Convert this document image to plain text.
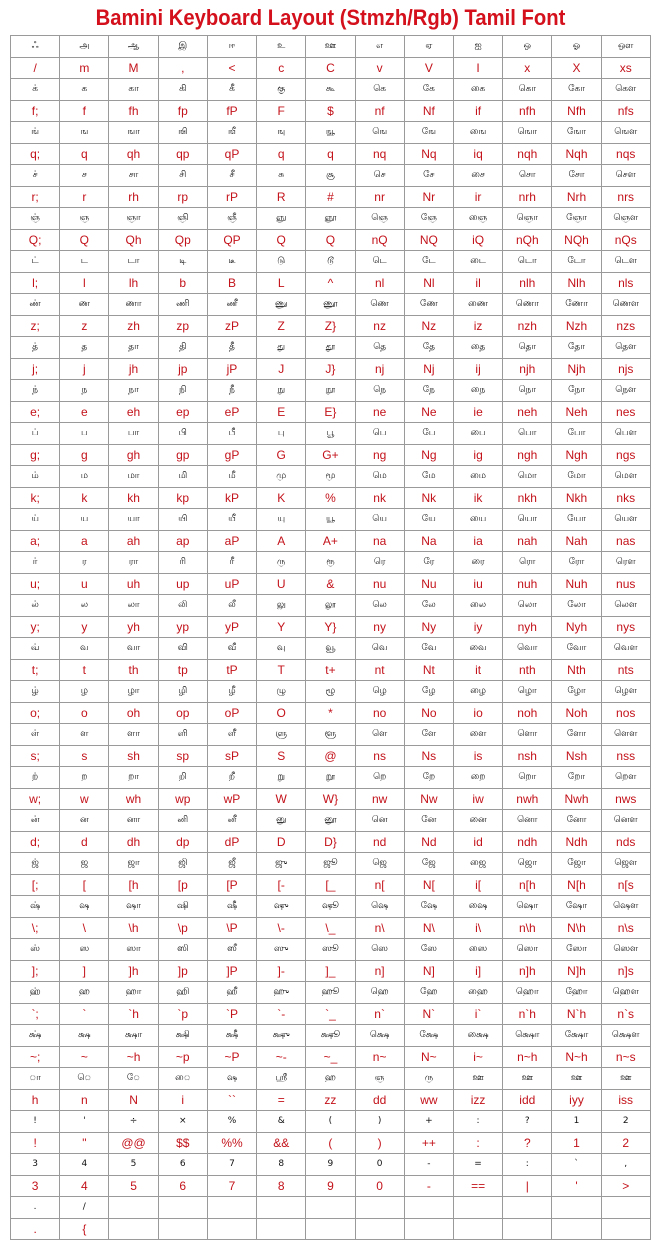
Bamini Keyboard Layout (Stmzh/Rgb) Tamil Font
ஃ	அ	ஆ	இ	ஈ	உ	ஊ	எ	ஏ	ஐ	ஒ	ஓ	ஔ
/	m	M	,	<	c	C	v	V	I	x	X	xs
க்	க	கா	கி	கீ	கு	கூ	கெ	கே	கை	கொ	கோ	கௌ
f;	f	fh	fp	fP	F	$	nf	Nf	if	nfh	Nfh	nfs
ங்	ங	ஙா	ஙி	ஙீ	ஙு	ஙூ	ஙெ	ஙே	ஙை	ஙொ	ஙோ	ஙௌ
q;	q	qh	qp	qP	q	q	nq	Nq	iq	nqh	Nqh	nqs
ச்	ச	சா	சி	சீ	சு	சூ	செ	சே	சை	சொ	சோ	சௌ
r;	r	rh	rp	rP	R	#	nr	Nr	ir	nrh	Nrh	nrs
ஞ்	ஞ	ஞா	ஞி	ஞீ	ஞு	ஞூ	ஞெ	ஞே	ஞை	ஞொ	ஞோ	ஞௌ
Q;	Q	Qh	Qp	QP	Q	Q	nQ	NQ	iQ	nQh	NQh	nQs
ட்	ட	டா	டி	டீ	டு	டூ	டெ	டே	டை	டொ	டோ	டௌ
l;	l	lh	b	B	L	^	nl	Nl	il	nlh	Nlh	nls
ண்	ண	ணா	ணி	ணீ	ணு	ணூ	ணெ	ணே	ணை	ணொ	ணோ	ணௌ
z;	z	zh	zp	zP	Z	Z}	nz	Nz	iz	nzh	Nzh	nzs
த்	த	தா	தி	தீ	து	தூ	தெ	தே	தை	தொ	தோ	தௌ
j;	j	jh	jp	jP	J	J}	nj	Nj	ij	njh	Njh	njs
ந்	ந	நா	நி	நீ	நு	நூ	நெ	நே	நை	நொ	நோ	நௌ
e;	e	eh	ep	eP	E	E}	ne	Ne	ie	neh	Neh	nes
ப்	ப	பா	பி	பீ	பு	பூ	பெ	பே	பை	பொ	போ	பௌ
g;	g	gh	gp	gP	G	G+	ng	Ng	ig	ngh	Ngh	ngs
ம்	ம	மா	மி	மீ	மு	மூ	மெ	மே	மை	மொ	மோ	மௌ
k;	k	kh	kp	kP	K	%	nk	Nk	ik	nkh	Nkh	nks
ய்	ய	யா	யி	யீ	யு	யூ	யெ	யே	யை	யொ	யோ	யௌ
a;	a	ah	ap	aP	A	A+	na	Na	ia	nah	Nah	nas
ர்	ர	ரா	ரி	ரீ	ரு	ரூ	ரெ	ரே	ரை	ரொ	ரோ	ரௌ
u;	u	uh	up	uP	U	&	nu	Nu	iu	nuh	Nuh	nus
ல்	ல	லா	லி	லீ	லு	லூ	லெ	லே	லை	லொ	லோ	லௌ
y;	y	yh	yp	yP	Y	Y}	ny	Ny	iy	nyh	Nyh	nys
வ்	வ	வா	வி	வீ	வு	வூ	வெ	வே	வை	வொ	வோ	வௌ
t;	t	th	tp	tP	T	t+	nt	Nt	it	nth	Nth	nts
ழ்	ழ	ழா	ழி	ழீ	ழு	ழூ	ழெ	ழே	ழை	ழொ	ழோ	ழௌ
o;	o	oh	op	oP	O	*	no	No	io	noh	Noh	nos
ள்	ள	ளா	ளி	ளீ	ளு	ளூ	ளெ	ளே	ளை	ளொ	ளோ	ளௌ
s;	s	sh	sp	sP	S	@	ns	Ns	is	nsh	Nsh	nss
ற்	ற	றா	றி	றீ	று	றூ	றெ	றே	றை	றொ	றோ	றௌ
w;	w	wh	wp	wP	W	W}	nw	Nw	iw	nwh	Nwh	nws
ன்	ன	னா	னி	னீ	னு	னூ	னெ	னே	னை	னொ	னோ	னௌ
d;	d	dh	dp	dP	D	D}	nd	Nd	id	ndh	Ndh	nds
ஜ்	ஜ	ஜா	ஜி	ஜீ	ஜு	ஜூ	ஜெ	ஜே	ஜை	ஜொ	ஜோ	ஜௌ
[;	[	[h	[p	[P	[-	[_	n[	N[	i[	n[h	N[h	n[s
ஷ்	ஷ	ஷா	ஷி	ஷீ	ஷு	ஷூ	ஷெ	ஷே	ஷை	ஷொ	ஷோ	ஷௌ
\;	\	\h	\p	\P	\-	\_	n\	N\	i\	n\h	N\h	n\s
ஸ்	ஸ	ஸா	ஸி	ஸீ	ஸு	ஸூ	ஸெ	ஸே	ஸை	ஸொ	ஸோ	ஸௌ
];	]	]h	]p	]P	]-	]_	n]	N]	i]	n]h	N]h	n]s
ஹ்	ஹ	ஹா	ஹி	ஹீ	ஹு	ஹூ	ஹெ	ஹே	ஹை	ஹொ	ஹோ	ஹௌ
`;	`	`h	`p	`P	`-	`_	n`	N`	i`	n`h	N`h	n`s
க்ஷ்	க்ஷ	க்ஷா	க்ஷி	க்ஷீ	க்ஷு	க்ஷூ	க்ஷெ	க்ஷே	க்ஷை	க்ஷொ	க்ஷோ	க்ஷௌ
~;	~	~h	~p	~P	~-	~_	n~	N~	i~	n~h	N~h	n~s
ா	ெ	ே	ை	ஷ	ஸ்ரீ	ஹ	ஞ	ரு	ஊ	ஊ	ஊ	ஊ
h	n	N	i	``	=	zz	dd	ww	izz	idd	iyy	iss
!	'	÷	×	%	&	(	)	+	:	?	1	2
!	"	@@	$$	%%	&&	(	)	++	:	?	1	2
3	4	5	6	7	8	9	0	-	=	:	`	,
3	4	5	6	7	8	9	0	-	==	|	'	>
.	/											
.	{											
